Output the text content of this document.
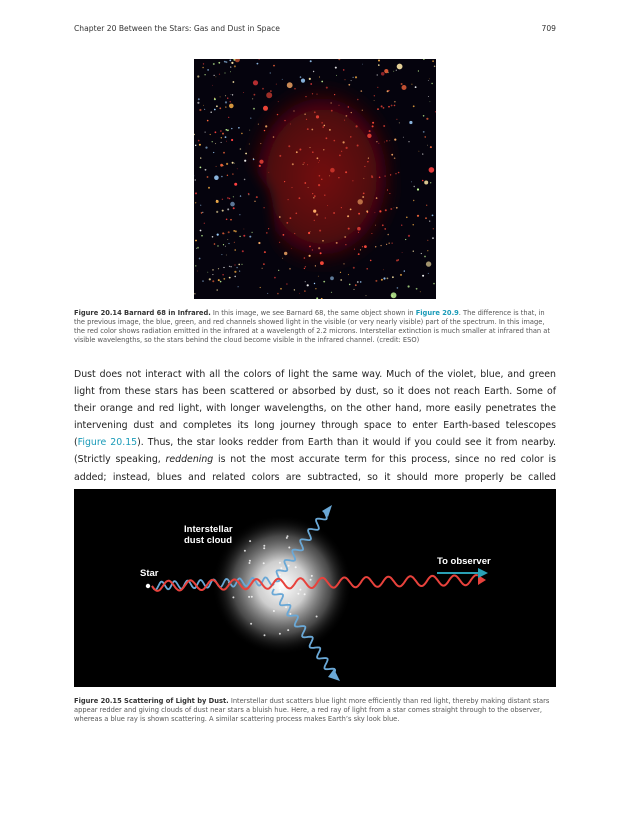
Chapter 20 Between the Stars: Gas and Dust in Space	709
Figure 20.14 Barnard 68 in Infrared. In this image, we see Barnard 68, the same object shown in Figure 20.9. The difference is that, in the previous image, the blue, green, and red channels showed light in the visible (or very nearly visible) part of the spectrum. In this image, the red color shows radiation emitted in the infrared at a wavelength of 2.2 microns. Interstellar extinction is much smaller at infrared than at visible wavelengths, so the stars behind the cloud become visible in the infrared channel. (credit: ESO)
Dust does not interact with all the colors of light the same way. Much of the violet, blue, and green light from these stars has been scattered or absorbed by dust, so it does not reach Earth. Some of their orange and red light, with longer wavelengths, on the other hand, more easily penetrates the intervening dust and completes its long journey through space to enter Earth-based telescopes (Figure 20.15). Thus, the star looks redder from Earth than it would if you could see it from nearby. (Strictly speaking, reddening is not the most accurate term for this process, since no red color is added; instead, blues and related colors are subtracted, so it should more properly be called
Interstellar
dust cloud
Star
To observer
Figure 20.15 Scattering of Light by Dust. Interstellar dust scatters blue light more efficiently than red light, thereby making distant stars appear redder and giving clouds of dust near stars a bluish hue. Here, a red ray of light from a star comes straight through to the observer, whereas a blue ray is shown scattering. A similar scattering process makes Earth’s sky look blue.
